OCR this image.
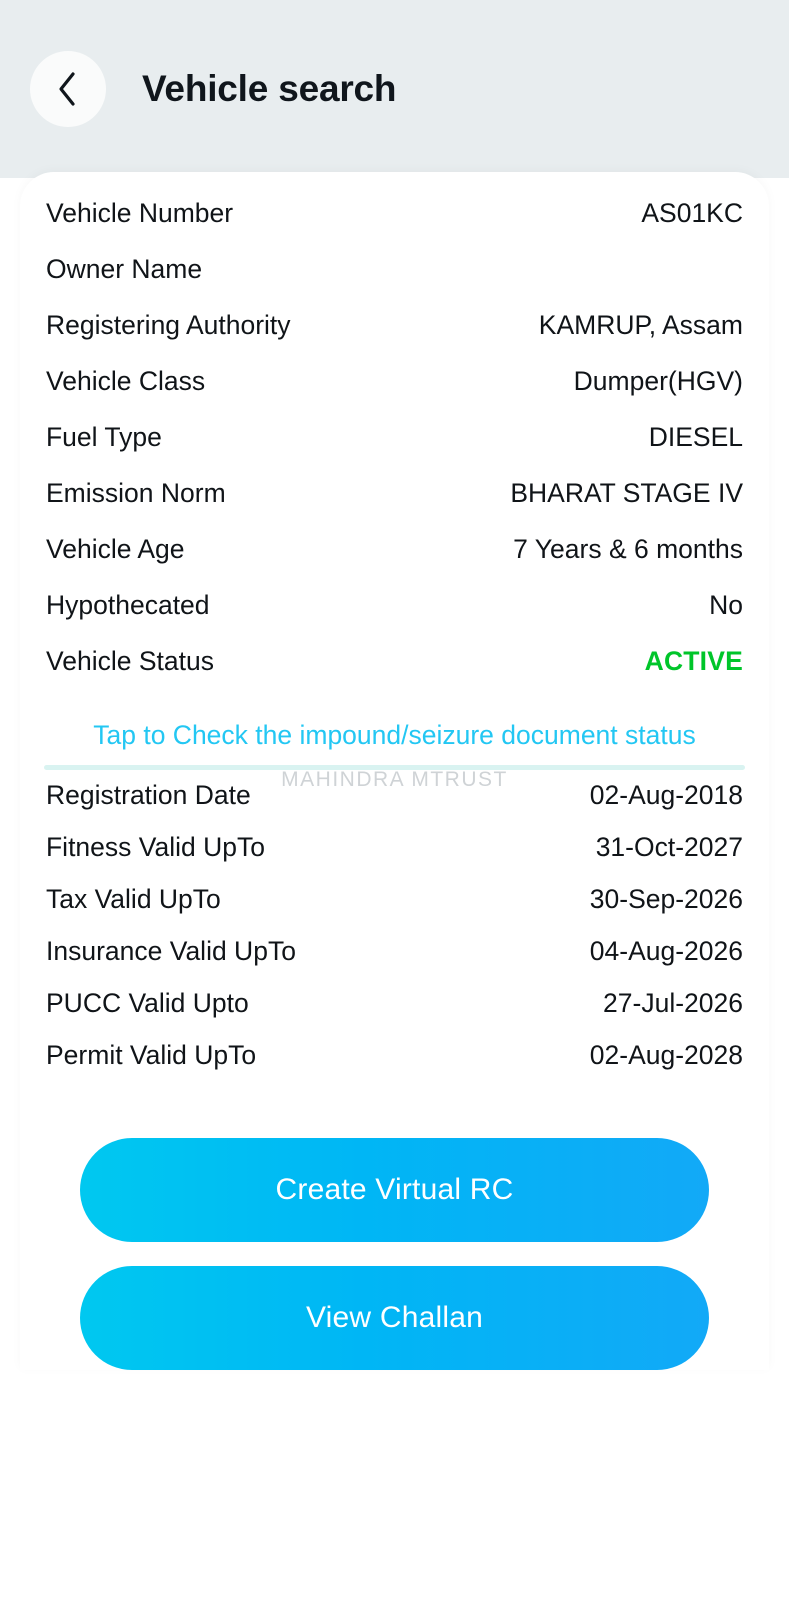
Vehicle search
Vehicle Number	AS01KC
Owner Name
Registering Authority	KAMRUP, Assam
Vehicle Class	Dumper(HGV)
Fuel Type	DIESEL
Emission Norm	BHARAT STAGE IV
Vehicle Age	7 Years & 6 months
Hypothecated	No
Vehicle Status	ACTIVE
Tap to Check the impound/seizure document status
MAHINDRA MTRUST
Registration Date	02-Aug-2018
Fitness Valid UpTo	31-Oct-2027
Tax Valid UpTo	30-Sep-2026
Insurance Valid UpTo	04-Aug-2026
PUCC Valid Upto	27-Jul-2026
Permit Valid UpTo	02-Aug-2028
Create Virtual RC
View Challan
